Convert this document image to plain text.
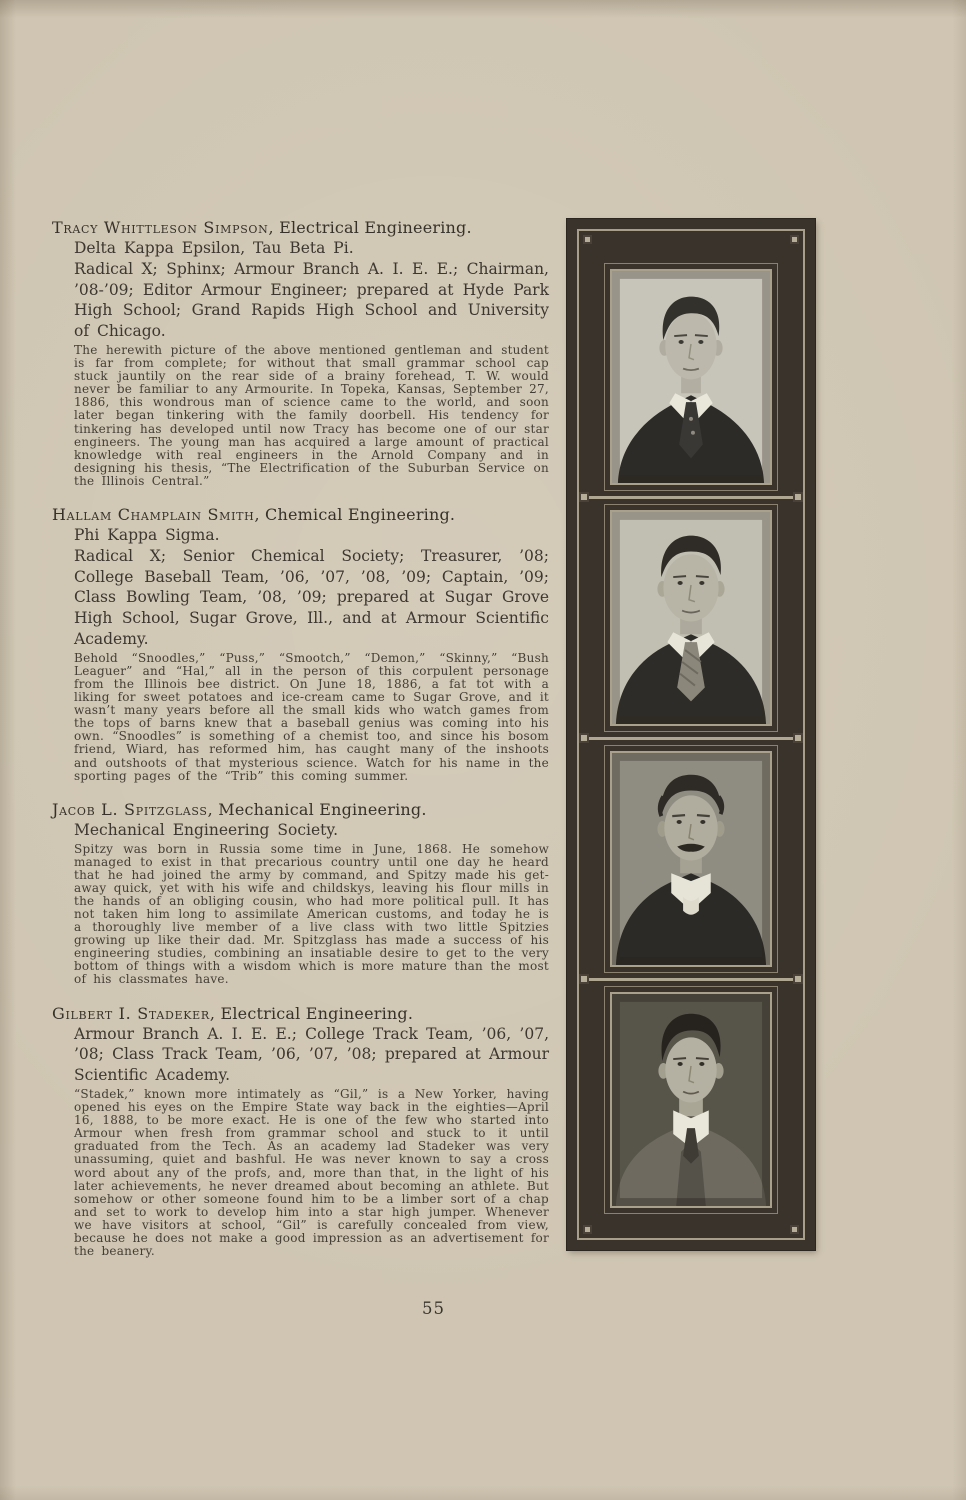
Tracy Whittleson Simpson, Electrical Engineering.

Delta Kappa Epsilon, Tau Beta Pi.

Radical X; Sphinx; Armour Branch A. I. E. E.; Chairman, ’08-’09; Editor Armour Engineer; prepared at Hyde Park High School; Grand Rapids High School and University of Chicago.

The herewith picture of the above mentioned gentleman and student is far from complete; for without that small grammar school cap stuck jauntily on the rear side of a brainy forehead, T. W. would never be familiar to any Armourite. In Topeka, Kansas, September 27, 1886, this wondrous man of science came to the world, and soon later began tinkering with the family doorbell. His tendency for tinkering has developed until now Tracy has become one of our star engineers. The young man has acquired a large amount of practical knowledge with real engineers in the Arnold Company and in designing his thesis, “The Electrification of the Suburban Service on the Illinois Central.”

Hallam Champlain Smith, Chemical Engineering.

Phi Kappa Sigma.

Radical X; Senior Chemical Society; Treasurer, ’08; College Baseball Team, ’06, ’07, ’08, ’09; Captain, ’09; Class Bowling Team, ’08, ’09; prepared at Sugar Grove High School, Sugar Grove, Ill., and at Armour Scientific Academy.

Behold “Snoodles,” “Puss,” “Smootch,” “Demon,” “Skinny,” “Bush Leaguer” and “Hal,” all in the person of this corpulent personage from the Illinois bee district. On June 18, 1886, a fat tot with a liking for sweet potatoes and ice-cream came to Sugar Grove, and it wasn’t many years before all the small kids who watch games from the tops of barns knew that a baseball genius was coming into his own. “Snoodles” is something of a chemist too, and since his bosom friend, Wiard, has reformed him, has caught many of the inshoots and outshoots of that mysterious science. Watch for his name in the sporting pages of the “Trib” this coming summer.

Jacob L. Spitzglass, Mechanical Engineering.

Mechanical Engineering Society.

Spitzy was born in Russia some time in June, 1868. He somehow managed to exist in that precarious country until one day he heard that he had joined the army by command, and Spitzy made his get-away quick, yet with his wife and childskys, leaving his flour mills in the hands of an obliging cousin, who had more political pull. It has not taken him long to assimilate American customs, and today he is a thoroughly live member of a live class with two little Spitzies growing up like their dad. Mr. Spitzglass has made a success of his engineering studies, combining an insatiable desire to get to the very bottom of things with a wisdom which is more mature than the most of his classmates have.

Gilbert I. Stadeker, Electrical Engineering.

Armour Branch A. I. E. E.; College Track Team, ’06, ’07, ’08; Class Track Team, ’06, ’07, ’08; prepared at Armour Scientific Academy.

“Stadek,” known more intimately as “Gil,” is a New Yorker, having opened his eyes on the Empire State way back in the eighties—April 16, 1888, to be more exact. He is one of the few who started into Armour when fresh from grammar school and stuck to it until graduated from the Tech. As an academy lad Stadeker was very unassuming, quiet and bashful. He was never known to say a cross word about any of the profs, and, more than that, in the light of his later achievements, he never dreamed about becoming an athlete. But somehow or other someone found him to be a limber sort of a chap and set to work to develop him into a star high jumper. Whenever we have visitors at school, “Gil” is carefully concealed from view, because he does not make a good impression as an advertisement for the beanery.

55
